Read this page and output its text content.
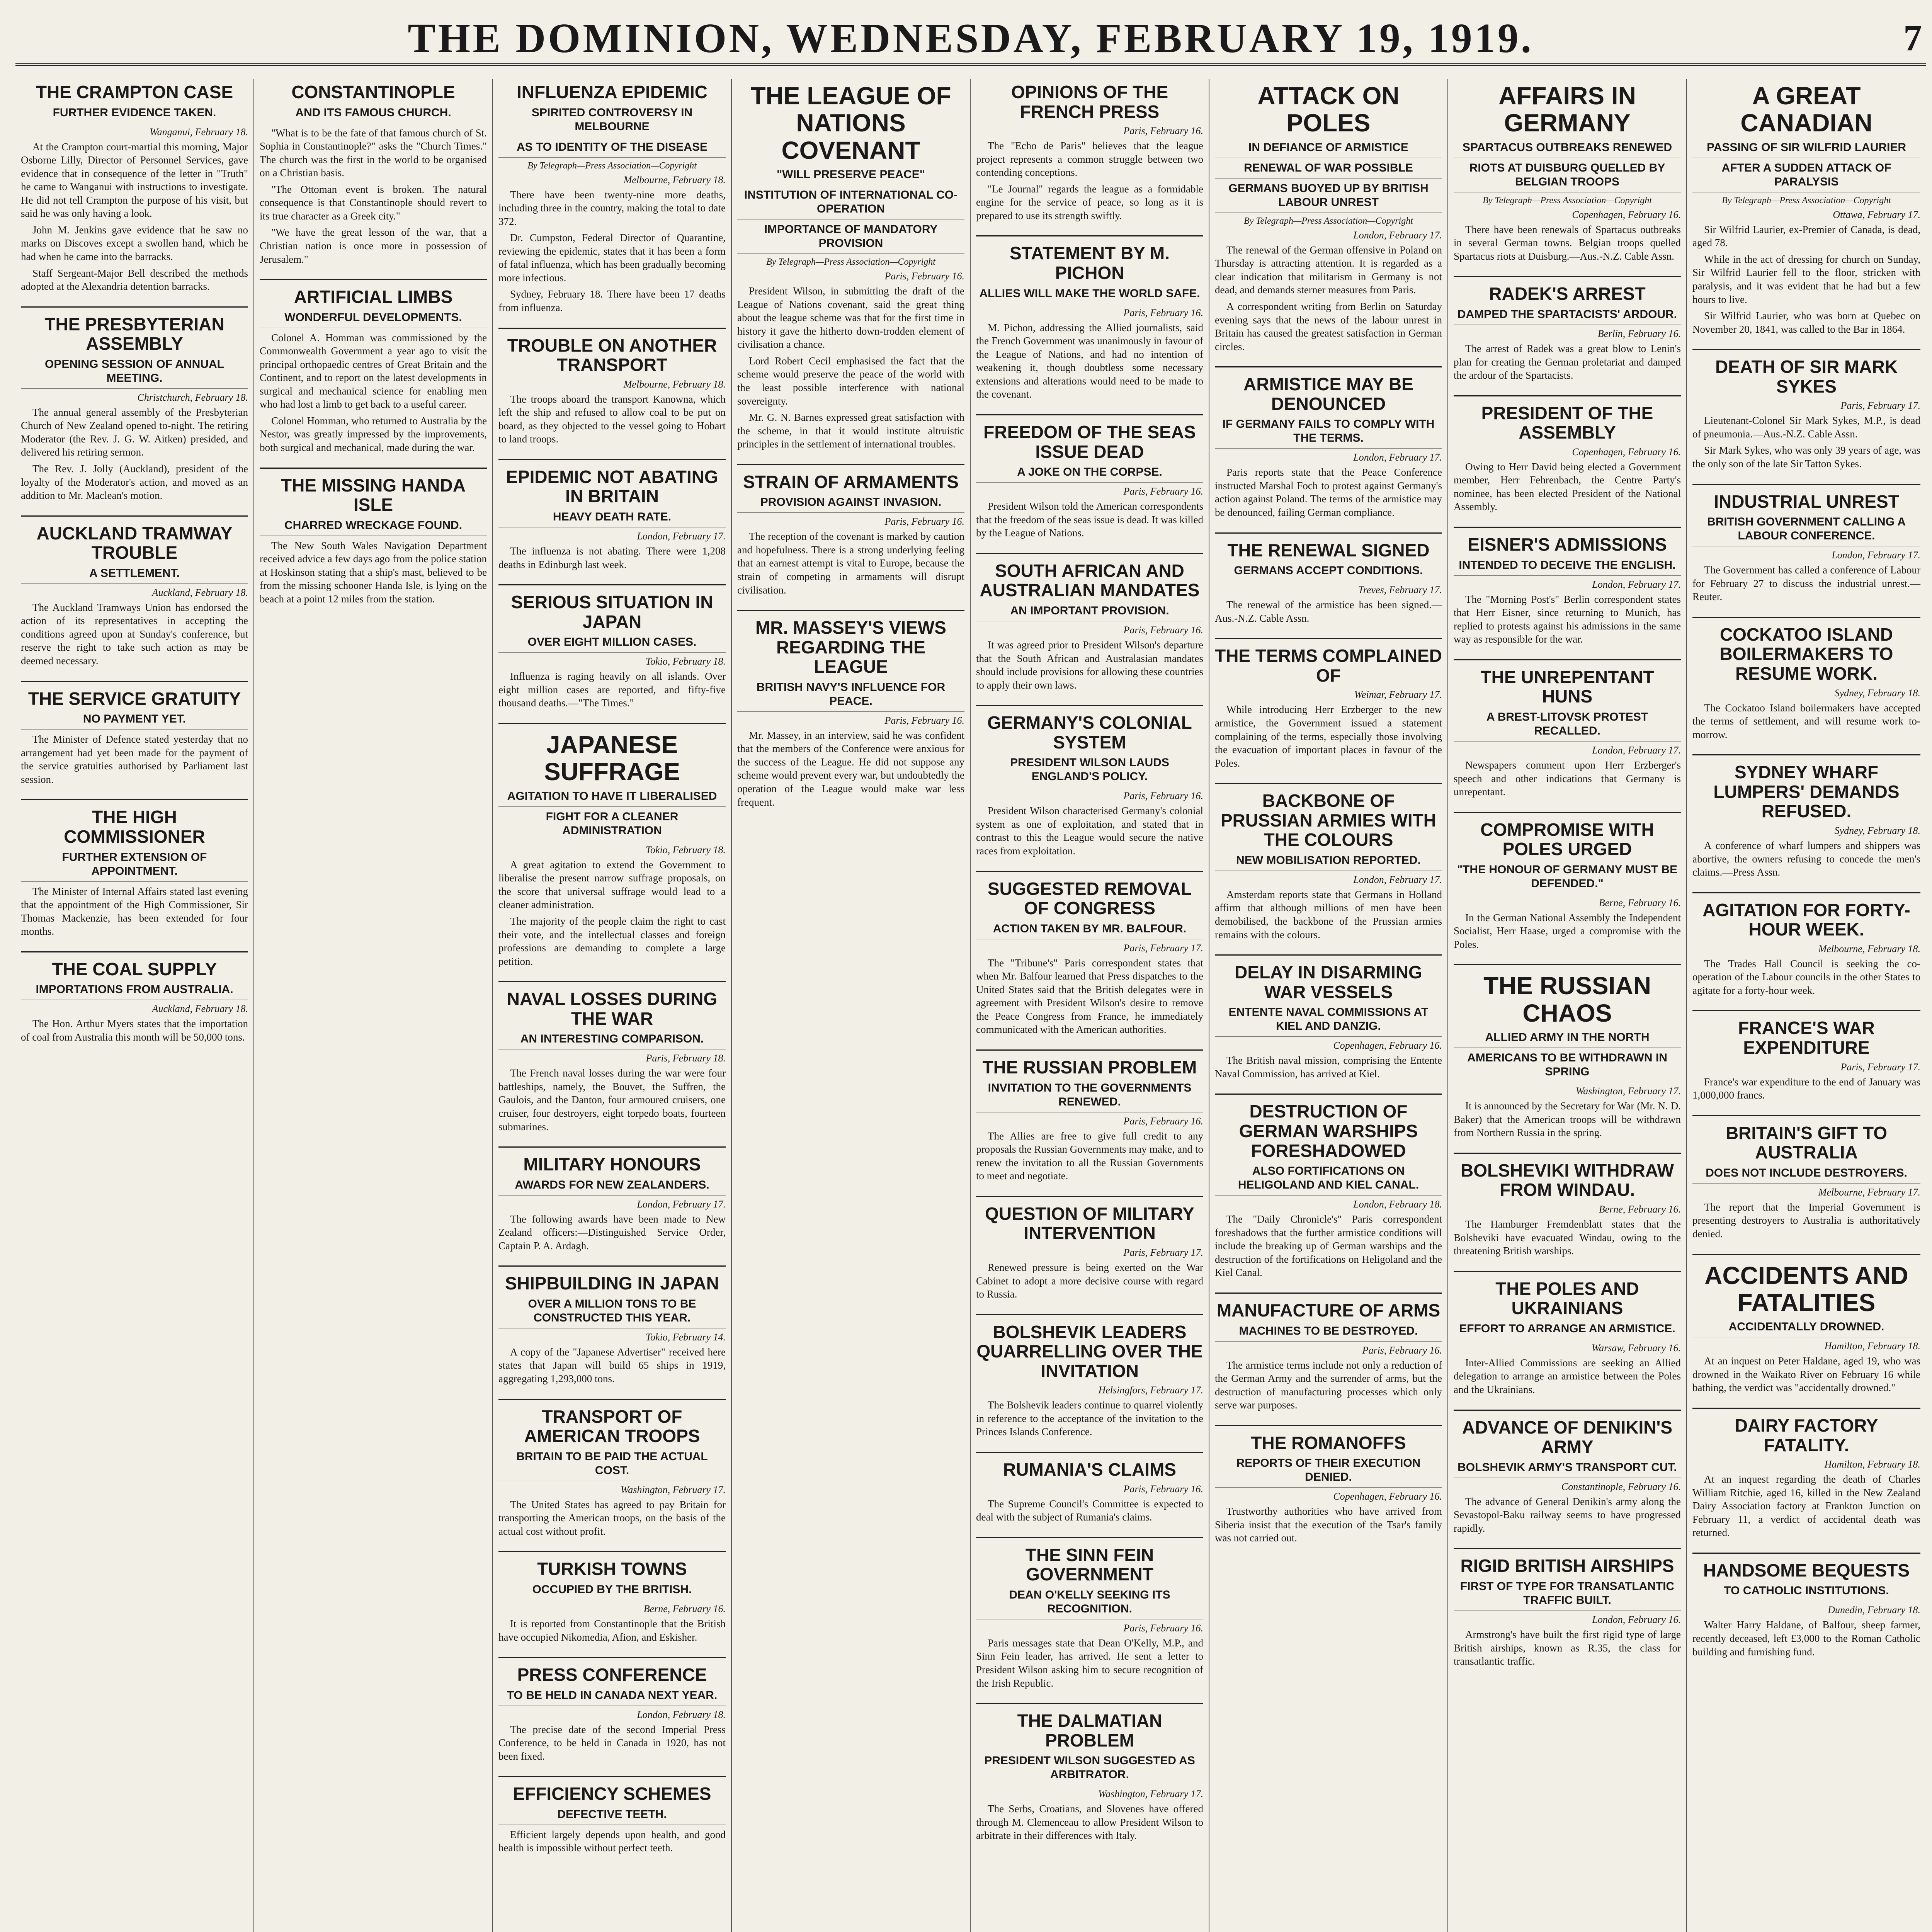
THE DOMINION, WEDNESDAY, FEBRUARY 19, 1919.	7
THE CRAMPTON CASE
FURTHER EVIDENCE TAKEN.
Wanganui, February 18.

At the Crampton court-martial this morning, Major Osborne Lilly, Director of Personnel Services, gave evidence that in consequence of the letter in "Truth" he came to Wanganui with instructions to investigate. He did not tell Crampton the purpose of his visit, but said he was only having a look.

John M. Jenkins gave evidence that he saw no marks on Discoves except a swollen hand, which he had when he came into the barracks.

Staff Sergeant-Major Bell described the methods adopted at the Alexandria detention barracks.

THE PRESBYTERIAN ASSEMBLY
OPENING SESSION OF ANNUAL MEETING.
Christchurch, February 18.

The annual general assembly of the Presbyterian Church of New Zealand opened to-night. The retiring Moderator (the Rev. J. G. W. Aitken) presided, and delivered his retiring sermon.

The Rev. J. Jolly (Auckland), president of the loyalty of the Moderator's action, and moved as an addition to Mr. Maclean's motion.

AUCKLAND TRAMWAY TROUBLE
A SETTLEMENT.
Auckland, February 18.

The Auckland Tramways Union has endorsed the action of its representatives in accepting the conditions agreed upon at Sunday's conference, but reserve the right to take such action as may be deemed necessary.

THE SERVICE GRATUITY
NO PAYMENT YET.

The Minister of Defence stated yesterday that no arrangement had yet been made for the payment of the service gratuities authorised by Parliament last session.

THE HIGH COMMISSIONER
FURTHER EXTENSION OF APPOINTMENT.

The Minister of Internal Affairs stated last evening that the appointment of the High Commissioner, Sir Thomas Mackenzie, has been extended for four months.

THE COAL SUPPLY
IMPORTATIONS FROM AUSTRALIA.
Auckland, February 18.

The Hon. Arthur Myers states that the importation of coal from Australia this month will be 50,000 tons.

CONSTANTINOPLE
AND ITS FAMOUS CHURCH.

"What is to be the fate of that famous church of St. Sophia in Constantinople?" asks the "Church Times." The church was the first in the world to be organised on a Christian basis.

"The Ottoman event is broken. The natural consequence is that Constantinople should revert to its true character as a Greek city."

"We have the great lesson of the war, that a Christian nation is once more in possession of Jerusalem."

ARTIFICIAL LIMBS
WONDERFUL DEVELOPMENTS.

Colonel A. Homman was commissioned by the Commonwealth Government a year ago to visit the principal orthopaedic centres of Great Britain and the Continent, and to report on the latest developments in surgical and mechanical science for enabling men who had lost a limb to get back to a useful career.

Colonel Homman, who returned to Australia by the Nestor, was greatly impressed by the improvements, both surgical and mechanical, made during the war.

THE MISSING HANDA ISLE
CHARRED WRECKAGE FOUND.

The New South Wales Navigation Department received advice a few days ago from the police station at Hoskinson stating that a ship's mast, believed to be from the missing schooner Handa Isle, is lying on the beach at a point 12 miles from the station.

INFLUENZA EPIDEMIC
SPIRITED CONTROVERSY IN MELBOURNE
AS TO IDENTITY OF THE DISEASE
By Telegraph—Press Association—Copyright
Melbourne, February 18.

There have been twenty-nine more deaths, including three in the country, making the total to date 372.

Dr. Cumpston, Federal Director of Quarantine, reviewing the epidemic, states that it has been a form of fatal influenza, which has been gradually becoming more infectious.

Sydney, February 18. There have been 17 deaths from influenza.

TROUBLE ON ANOTHER TRANSPORT
Melbourne, February 18.

The troops aboard the transport Kanowna, which left the ship and refused to allow coal to be put on board, as they objected to the vessel going to Hobart to land troops.

EPIDEMIC NOT ABATING IN BRITAIN
HEAVY DEATH RATE.
London, February 17.

The influenza is not abating. There were 1,208 deaths in Edinburgh last week.

SERIOUS SITUATION IN JAPAN
OVER EIGHT MILLION CASES.
Tokio, February 18.

Influenza is raging heavily on all islands. Over eight million cases are reported, and fifty-five thousand deaths.—"The Times."

JAPANESE SUFFRAGE
AGITATION TO HAVE IT LIBERALISED
FIGHT FOR A CLEANER ADMINISTRATION
Tokio, February 18.

A great agitation to extend the Government to liberalise the present narrow suffrage proposals, on the score that universal suffrage would lead to a cleaner administration.

The majority of the people claim the right to cast their vote, and the intellectual classes and foreign professions are demanding to complete a large petition.

NAVAL LOSSES DURING THE WAR
AN INTERESTING COMPARISON.
Paris, February 18.

The French naval losses during the war were four battleships, namely, the Bouvet, the Suffren, the Gaulois, and the Danton, four armoured cruisers, one cruiser, four destroyers, eight torpedo boats, fourteen submarines.

MILITARY HONOURS
AWARDS FOR NEW ZEALANDERS.
London, February 17.

The following awards have been made to New Zealand officers:—Distinguished Service Order, Captain P. A. Ardagh.

SHIPBUILDING IN JAPAN
OVER A MILLION TONS TO BE CONSTRUCTED THIS YEAR.
Tokio, February 14.

A copy of the "Japanese Advertiser" received here states that Japan will build 65 ships in 1919, aggregating 1,293,000 tons.

TRANSPORT OF AMERICAN TROOPS
BRITAIN TO BE PAID THE ACTUAL COST.
Washington, February 17.

The United States has agreed to pay Britain for transporting the American troops, on the basis of the actual cost without profit.

TURKISH TOWNS
OCCUPIED BY THE BRITISH.
Berne, February 16.

It is reported from Constantinople that the British have occupied Nikomedia, Afion, and Eskisher.

PRESS CONFERENCE
TO BE HELD IN CANADA NEXT YEAR.
London, February 18.

The precise date of the second Imperial Press Conference, to be held in Canada in 1920, has not been fixed.

EFFICIENCY SCHEMES
DEFECTIVE TEETH.

Efficient largely depends upon health, and good health is impossible without perfect teeth.

THE LEAGUE OF NATIONS COVENANT
"WILL PRESERVE PEACE"
INSTITUTION OF INTERNATIONAL CO-OPERATION
IMPORTANCE OF MANDATORY PROVISION
By Telegraph—Press Association—Copyright
Paris, February 16.

President Wilson, in submitting the draft of the League of Nations covenant, said the great thing about the league scheme was that for the first time in history it gave the hitherto down-trodden element of civilisation a chance.

Lord Robert Cecil emphasised the fact that the scheme would preserve the peace of the world with the least possible interference with national sovereignty.

Mr. G. N. Barnes expressed great satisfaction with the scheme, in that it would institute altruistic principles in the settlement of international troubles.

STRAIN OF ARMAMENTS
PROVISION AGAINST INVASION.
Paris, February 16.

The reception of the covenant is marked by caution and hopefulness. There is a strong underlying feeling that an earnest attempt is vital to Europe, because the strain of competing in armaments will disrupt civilisation.

MR. MASSEY'S VIEWS REGARDING THE LEAGUE
BRITISH NAVY'S INFLUENCE FOR PEACE.
Paris, February 16.

Mr. Massey, in an interview, said he was confident that the members of the Conference were anxious for the success of the League. He did not suppose any scheme would prevent every war, but undoubtedly the operation of the League would make war less frequent.

OPINIONS OF THE FRENCH PRESS
Paris, February 16.

The "Echo de Paris" believes that the league project represents a common struggle between two contending conceptions.

"Le Journal" regards the league as a formidable engine for the service of peace, so long as it is prepared to use its strength swiftly.

STATEMENT BY M. PICHON
ALLIES WILL MAKE THE WORLD SAFE.
Paris, February 16.

M. Pichon, addressing the Allied journalists, said the French Government was unanimously in favour of the League of Nations, and had no intention of weakening it, though doubtless some necessary extensions and alterations would need to be made to the covenant.

FREEDOM OF THE SEAS ISSUE DEAD
A JOKE ON THE CORPSE.
Paris, February 16.

President Wilson told the American correspondents that the freedom of the seas issue is dead. It was killed by the League of Nations.

SOUTH AFRICAN AND AUSTRALIAN MANDATES
AN IMPORTANT PROVISION.
Paris, February 16.

It was agreed prior to President Wilson's departure that the South African and Australasian mandates should include provisions for allowing these countries to apply their own laws.

GERMANY'S COLONIAL SYSTEM
PRESIDENT WILSON LAUDS ENGLAND'S POLICY.
Paris, February 16.

President Wilson characterised Germany's colonial system as one of exploitation, and stated that in contrast to this the League would secure the native races from exploitation.

SUGGESTED REMOVAL OF CONGRESS
ACTION TAKEN BY MR. BALFOUR.
Paris, February 17.

The "Tribune's" Paris correspondent states that when Mr. Balfour learned that Press dispatches to the United States said that the British delegates were in agreement with President Wilson's desire to remove the Peace Congress from France, he immediately communicated with the American authorities.

THE RUSSIAN PROBLEM
INVITATION TO THE GOVERNMENTS RENEWED.
Paris, February 16.

The Allies are free to give full credit to any proposals the Russian Governments may make, and to renew the invitation to all the Russian Governments to meet and negotiate.

QUESTION OF MILITARY INTERVENTION
Paris, February 17.

Renewed pressure is being exerted on the War Cabinet to adopt a more decisive course with regard to Russia.

BOLSHEVIK LEADERS QUARRELLING OVER THE INVITATION
Helsingfors, February 17.

The Bolshevik leaders continue to quarrel violently in reference to the acceptance of the invitation to the Princes Islands Conference.

RUMANIA'S CLAIMS
Paris, February 16.

The Supreme Council's Committee is expected to deal with the subject of Rumania's claims.

THE SINN FEIN GOVERNMENT
DEAN O'KELLY SEEKING ITS RECOGNITION.
Paris, February 16.

Paris messages state that Dean O'Kelly, M.P., and Sinn Fein leader, has arrived. He sent a letter to President Wilson asking him to secure recognition of the Irish Republic.

THE DALMATIAN PROBLEM
PRESIDENT WILSON SUGGESTED AS ARBITRATOR.
Washington, February 17.

The Serbs, Croatians, and Slovenes have offered through M. Clemenceau to allow President Wilson to arbitrate in their differences with Italy.

ATTACK ON POLES
IN DEFIANCE OF ARMISTICE
RENEWAL OF WAR POSSIBLE
GERMANS BUOYED UP BY BRITISH LABOUR UNREST
By Telegraph—Press Association—Copyright
London, February 17.

The renewal of the German offensive in Poland on Thursday is attracting attention. It is regarded as a clear indication that militarism in Germany is not dead, and demands sterner measures from Paris.

A correspondent writing from Berlin on Saturday evening says that the news of the labour unrest in Britain has caused the greatest satisfaction in German circles.

ARMISTICE MAY BE DENOUNCED
IF GERMANY FAILS TO COMPLY WITH THE TERMS.
London, February 17.

Paris reports state that the Peace Conference instructed Marshal Foch to protest against Germany's action against Poland. The terms of the armistice may be denounced, failing German compliance.

THE RENEWAL SIGNED
GERMANS ACCEPT CONDITIONS.
Treves, February 17.

The renewal of the armistice has been signed.—Aus.-N.Z. Cable Assn.

THE TERMS COMPLAINED OF
Weimar, February 17.

While introducing Herr Erzberger to the new armistice, the Government issued a statement complaining of the terms, especially those involving the evacuation of important places in favour of the Poles.

BACKBONE OF PRUSSIAN ARMIES WITH THE COLOURS
NEW MOBILISATION REPORTED.
London, February 17.

Amsterdam reports state that Germans in Holland affirm that although millions of men have been demobilised, the backbone of the Prussian armies remains with the colours.

DELAY IN DISARMING WAR VESSELS
ENTENTE NAVAL COMMISSIONS AT KIEL AND DANZIG.
Copenhagen, February 16.

The British naval mission, comprising the Entente Naval Commission, has arrived at Kiel.

DESTRUCTION OF GERMAN WARSHIPS FORESHADOWED
ALSO FORTIFICATIONS ON HELIGOLAND AND KIEL CANAL.
London, February 18.

The "Daily Chronicle's" Paris correspondent foreshadows that the further armistice conditions will include the breaking up of German warships and the destruction of the fortifications on Heligoland and the Kiel Canal.

MANUFACTURE OF ARMS
MACHINES TO BE DESTROYED.
Paris, February 16.

The armistice terms include not only a reduction of the German Army and the surrender of arms, but the destruction of manufacturing processes which only serve war purposes.

THE ROMANOFFS
REPORTS OF THEIR EXECUTION DENIED.
Copenhagen, February 16.

Trustworthy authorities who have arrived from Siberia insist that the execution of the Tsar's family was not carried out.

AFFAIRS IN GERMANY
SPARTACUS OUTBREAKS RENEWED
RIOTS AT DUISBURG QUELLED BY BELGIAN TROOPS
By Telegraph—Press Association—Copyright
Copenhagen, February 16.

There have been renewals of Spartacus outbreaks in several German towns. Belgian troops quelled Spartacus riots at Duisburg.—Aus.-N.Z. Cable Assn.

RADEK'S ARREST
DAMPED THE SPARTACISTS' ARDOUR.
Berlin, February 16.

The arrest of Radek was a great blow to Lenin's plan for creating the German proletariat and damped the ardour of the Spartacists.

PRESIDENT OF THE ASSEMBLY
Copenhagen, February 16.

Owing to Herr David being elected a Government member, Herr Fehrenbach, the Centre Party's nominee, has been elected President of the National Assembly.

EISNER'S ADMISSIONS
INTENDED TO DECEIVE THE ENGLISH.
London, February 17.

The "Morning Post's" Berlin correspondent states that Herr Eisner, since returning to Munich, has replied to protests against his admissions in the same way as responsible for the war.

THE UNREPENTANT HUNS
A BREST-LITOVSK PROTEST RECALLED.
London, February 17.

Newspapers comment upon Herr Erzberger's speech and other indications that Germany is unrepentant.

COMPROMISE WITH POLES URGED
"THE HONOUR OF GERMANY MUST BE DEFENDED."
Berne, February 16.

In the German National Assembly the Independent Socialist, Herr Haase, urged a compromise with the Poles.

THE RUSSIAN CHAOS
ALLIED ARMY IN THE NORTH
AMERICANS TO BE WITHDRAWN IN SPRING
Washington, February 17.

It is announced by the Secretary for War (Mr. N. D. Baker) that the American troops will be withdrawn from Northern Russia in the spring.

BOLSHEVIKI WITHDRAW FROM WINDAU.
Berne, February 16.

The Hamburger Fremdenblatt states that the Bolsheviki have evacuated Windau, owing to the threatening British warships.

THE POLES AND UKRAINIANS
EFFORT TO ARRANGE AN ARMISTICE.
Warsaw, February 16.

Inter-Allied Commissions are seeking an Allied delegation to arrange an armistice between the Poles and the Ukrainians.

ADVANCE OF DENIKIN'S ARMY
BOLSHEVIK ARMY'S TRANSPORT CUT.
Constantinople, February 16.

The advance of General Denikin's army along the Sevastopol-Baku railway seems to have progressed rapidly.

RIGID BRITISH AIRSHIPS
FIRST OF TYPE FOR TRANSATLANTIC TRAFFIC BUILT.
London, February 16.

Armstrong's have built the first rigid type of large British airships, known as R.35, the class for transatlantic traffic.

A GREAT CANADIAN
PASSING OF SIR WILFRID LAURIER
AFTER A SUDDEN ATTACK OF PARALYSIS
By Telegraph—Press Association—Copyright
Ottawa, February 17.

Sir Wilfrid Laurier, ex-Premier of Canada, is dead, aged 78.

While in the act of dressing for church on Sunday, Sir Wilfrid Laurier fell to the floor, stricken with paralysis, and it was evident that he had but a few hours to live.

Sir Wilfrid Laurier, who was born at Quebec on November 20, 1841, was called to the Bar in 1864.

DEATH OF SIR MARK SYKES
Paris, February 17.

Lieutenant-Colonel Sir Mark Sykes, M.P., is dead of pneumonia.—Aus.-N.Z. Cable Assn.

Sir Mark Sykes, who was only 39 years of age, was the only son of the late Sir Tatton Sykes.

INDUSTRIAL UNREST
BRITISH GOVERNMENT CALLING A LABOUR CONFERENCE.
London, February 17.

The Government has called a conference of Labour for February 27 to discuss the industrial unrest.—Reuter.

COCKATOO ISLAND BOILERMAKERS TO RESUME WORK.
Sydney, February 18.

The Cockatoo Island boilermakers have accepted the terms of settlement, and will resume work to-morrow.

SYDNEY WHARF LUMPERS' DEMANDS REFUSED.
Sydney, February 18.

A conference of wharf lumpers and shippers was abortive, the owners refusing to concede the men's claims.—Press Assn.

AGITATION FOR FORTY-HOUR WEEK.
Melbourne, February 18.

The Trades Hall Council is seeking the co-operation of the Labour councils in the other States to agitate for a forty-hour week.

FRANCE'S WAR EXPENDITURE
Paris, February 17.

France's war expenditure to the end of January was 1,000,000 francs.

BRITAIN'S GIFT TO AUSTRALIA
DOES NOT INCLUDE DESTROYERS.
Melbourne, February 17.

The report that the Imperial Government is presenting destroyers to Australia is authoritatively denied.

ACCIDENTS AND FATALITIES
ACCIDENTALLY DROWNED.
Hamilton, February 18.

At an inquest on Peter Haldane, aged 19, who was drowned in the Waikato River on February 16 while bathing, the verdict was "accidentally drowned."

DAIRY FACTORY FATALITY.
Hamilton, February 18.

At an inquest regarding the death of Charles William Ritchie, aged 16, killed in the New Zealand Dairy Association factory at Frankton Junction on February 11, a verdict of accidental death was returned.

HANDSOME BEQUESTS
TO CATHOLIC INSTITUTIONS.
Dunedin, February 18.

Walter Harry Haldane, of Balfour, sheep farmer, recently deceased, left £3,000 to the Roman Catholic building and furnishing fund.
